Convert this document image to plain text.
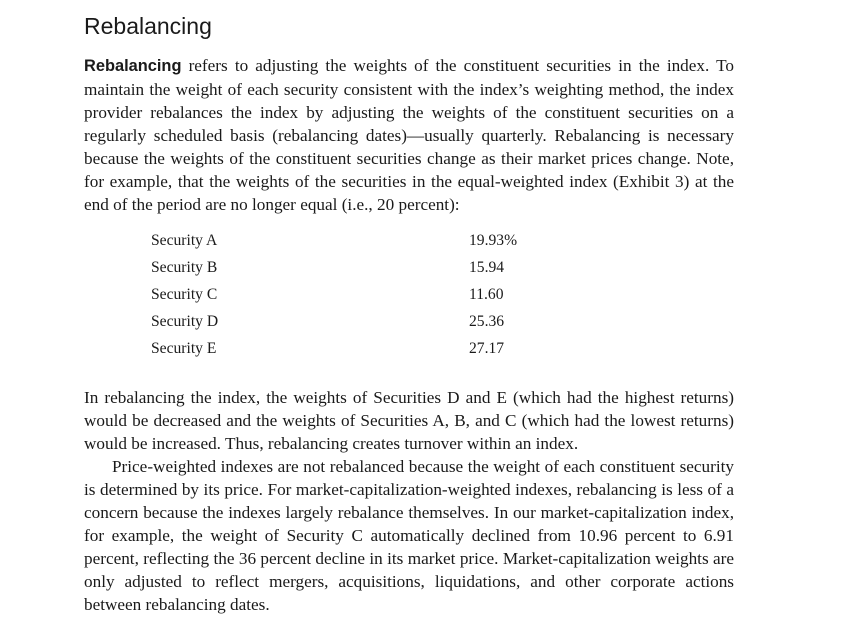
Rebalancing

Rebalancing refers to adjusting the weights of the constituent securities in the index. To maintain the weight of each security consistent with the index’s weighting method, the index provider rebalances the index by adjusting the weights of the constituent securities on a regularly scheduled basis (rebalancing dates)—usually quarterly. Rebalancing is necessary because the weights of the constituent securities change as their market prices change. Note, for example, that the weights of the securities in the equal-weighted index (Exhibit 3) at the end of the period are no longer equal (i.e., 20 percent):

Security A	19.93%
Security B	15.94
Security C	11.60
Security D	25.36
Security E	27.17

In rebalancing the index, the weights of Securities D and E (which had the highest returns) would be decreased and the weights of Securities A, B, and C (which had the lowest returns) would be increased. Thus, rebalancing creates turnover within an index.

Price-weighted indexes are not rebalanced because the weight of each constituent security is determined by its price. For market-capitalization-weighted indexes, rebalancing is less of a concern because the indexes largely rebalance themselves. In our market-capitalization index, for example, the weight of Security C automatically declined from 10.96 percent to 6.91 percent, reflecting the 36 percent decline in its market price. Market-capitalization weights are only adjusted to reflect mergers, acquisitions, liquidations, and other corporate actions between rebalancing dates.
